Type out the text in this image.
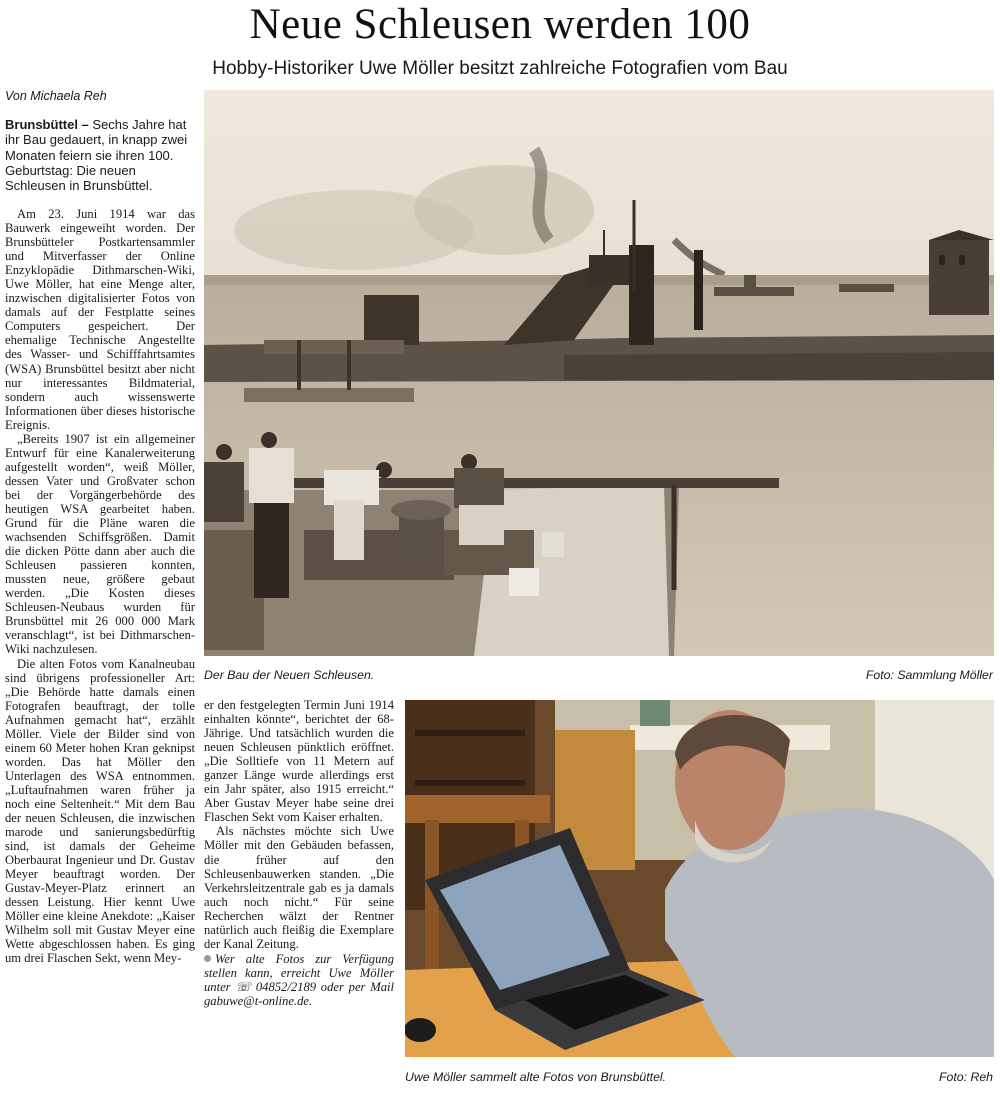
Neue Schleusen werden 100
Hobby-Historiker Uwe Möller besitzt zahlreiche Fotografien vom Bau
Von Michaela Reh
Brunsbüttel – Sechs Jahre hat ihr Bau gedauert, in knapp zwei Monaten feiern sie ihren 100. Geburtstag: Die neuen Schleusen in Brunsbüttel.

Am 23. Juni 1914 war das Bauwerk eingeweiht worden. Der Brunsbütteler Postkartensammler und Mitverfasser der Online Enzyklopädie Dithmarschen-Wiki, Uwe Möller, hat eine Menge alter, inzwischen digitalisierter Fotos von damals auf der Festplatte seines Computers gespeichert. Der ehemalige Technische Angestellte des Wasser- und Schifffahrtsamtes (WSA) Brunsbüttel besitzt aber nicht nur interessantes Bildmaterial, sondern auch wissenswerte Informationen über dieses historische Ereignis.

„Bereits 1907 ist ein allgemeiner Entwurf für eine Kanalerweiterung aufgestellt worden“, weiß Möller, dessen Vater und Großvater schon bei der Vorgängerbehörde des heutigen WSA gearbeitet haben. Grund für die Pläne waren die wachsenden Schiffsgrößen. Damit die dicken Pötte dann aber auch die Schleusen passieren konnten, mussten neue, größere gebaut werden. „Die Kosten dieses Schleusen-Neubaus wurden für Brunsbüttel mit 26 000 000 Mark veranschlagt“, ist bei Dithmarschen-Wiki nachzulesen.

Die alten Fotos vom Kanalneubau sind übrigens professioneller Art: „Die Behörde hatte damals einen Fotografen beauftragt, der tolle Aufnahmen gemacht hat“, erzählt Möller. Viele der Bilder sind von einem 60 Meter hohen Kran geknipst worden. Das hat Möller den Unterlagen des WSA entnommen. „Luftaufnahmen waren früher ja noch eine Seltenheit.“ Mit dem Bau der neuen Schleusen, die inzwischen marode und sanierungsbedürftig sind, ist damals der Geheime Oberbaurat Ingenieur und Dr. Gustav Meyer beauftragt worden. Der Gustav-Meyer-Platz erinnert an dessen Leistung. Hier kennt Uwe Möller eine kleine Anekdote: „Kaiser Wilhelm soll mit Gustav Meyer eine Wette abgeschlossen haben. Es ging um drei Flaschen Sekt, wenn Mey-

er den festgelegten Termin Juni 1914 einhalten könnte“, berichtet der 68-Jährige. Und tatsächlich wurden die neuen Schleusen pünktlich eröffnet. „Die Solltiefe von 11 Metern auf ganzer Länge wurde allerdings erst ein Jahr später, also 1915 erreicht.“ Aber Gustav Meyer habe seine drei Flaschen Sekt vom Kaiser erhalten.

Als nächstes möchte sich Uwe Möller mit den Gebäuden befassen, die früher auf den Schleusenbauwerken standen. „Die Verkehrsleitzentrale gab es ja damals auch noch nicht.“ Für seine Recherchen wälzt der Rentner natürlich auch fleißig die Exemplare der Kanal Zeitung.

Wer alte Fotos zur Verfügung stellen kann, erreicht Uwe Möller unter ☏ 04852/2189 oder per Mail gabuwe@t-online.de.

Der Bau der Neuen Schleusen.	Foto: Sammlung Möller
Uwe Möller sammelt alte Fotos von Brunsbüttel.	Foto: Reh
